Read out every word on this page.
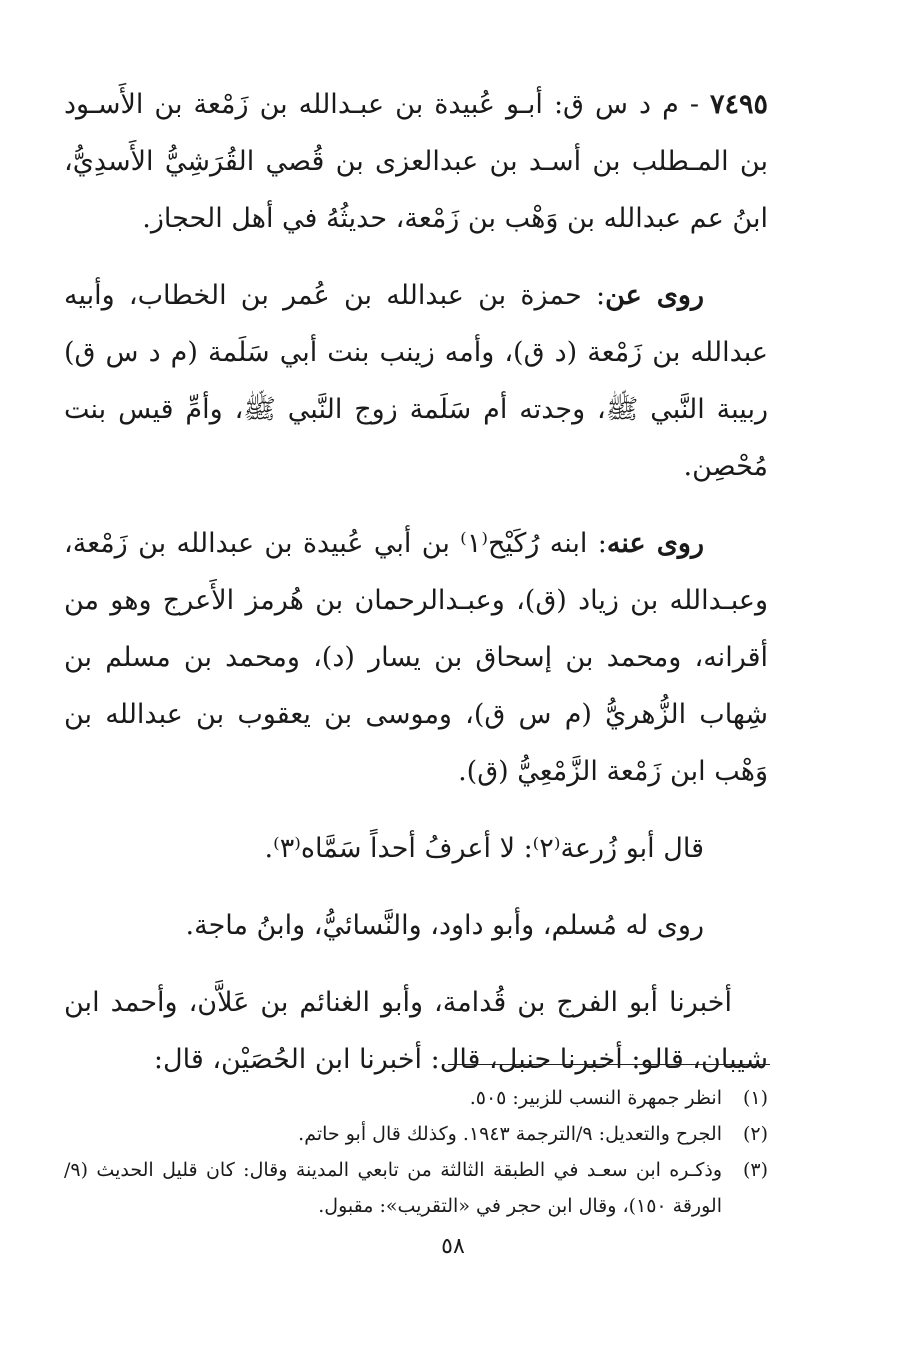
٧٤٩٥ - م د س ق: أبـو عُبيدة بن عبـدالله بن زَمْعة بن الأَسـود بن المـطلب بن أسـد بن عبدالعزى بن قُصي القُرَشِيُّ الأَسدِيُّ، ابنُ عم عبدالله بن وَهْب بن زَمْعة، حديثُهُ في أهل الحجاز.

روى عن: حمزة بن عبدالله بن عُمر بن الخطاب، وأبيه عبدالله بن زَمْعة (د ق)، وأمه زينب بنت أبي سَلَمة (م د س ق) ربيبة النَّبي ﷺ، وجدته أم سَلَمة زوج النَّبي ﷺ، وأمِّ قيس بنت مُحْصِن.

روى عنه: ابنه رُكَيْح⁽١⁾ بن أبي عُبيدة بن عبدالله بن زَمْعة، وعبـدالله بن زياد (ق)، وعبـدالرحمان بن هُرمز الأَعرج وهو من أقرانه، ومحمد بن إسحاق بن يسار (د)، ومحمد بن مسلم بن شِهاب الزُّهريُّ (م س ق)، وموسى بن يعقوب بن عبدالله بن وَهْب ابن زَمْعة الزَّمْعِيُّ (ق).

قال أبو زُرعة⁽٢⁾: لا أعرفُ أحداً سَمَّاه⁽٣⁾.

روى له مُسلم، وأبو داود، والنَّسائيُّ، وابنُ ماجة.

أخبرنا أبو الفرج بن قُدامة، وأبو الغنائم بن عَلاَّن، وأحمد ابن شيبان، قالو: أخبرنا حنبل، قال: أخبرنا ابن الحُصَيْن، قال:

(١)
انظر جمهرة النسب للزبير: ٥٠٥.
(٢)
الجرح والتعديل: ٩/الترجمة ١٩٤٣. وكذلك قال أبو حاتم.
(٣)
وذكـره ابن سعـد في الطبقة الثالثة من تابعي المدينة وقال: كان قليل الحديث (٩/الورقة ١٥٠)، وقال ابن حجر في «التقريب»: مقبول.
٥٨
